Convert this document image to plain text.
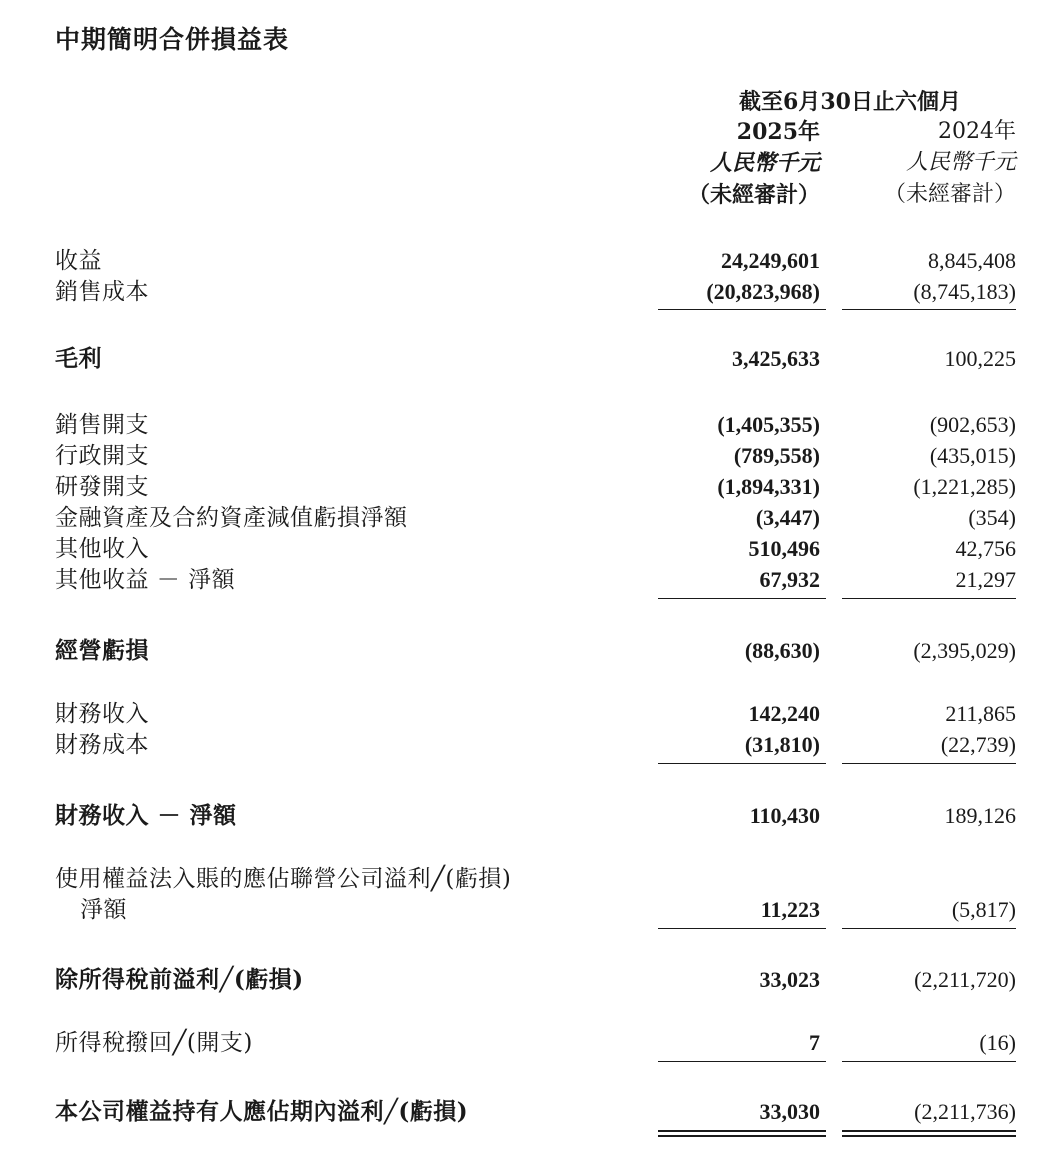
中期簡明合併損益表
截至6月30日止六個月
2025年	2024年
人民幣千元	人民幣千元
（未經審計）	（未經審計）
收益	24,249,601	8,845,408
銷售成本	(20,823,968)	(8,745,183)
毛利	3,425,633	100,225
銷售開支	(1,405,355)	(902,653)
行政開支	(789,558)	(435,015)
研發開支	(1,894,331)	(1,221,285)
金融資產及合約資產減值虧損淨額	(3,447)	(354)
其他收入	510,496	42,756
其他收益 － 淨額	67,932	21,297
經營虧損	(88,630)	(2,395,029)
財務收入	142,240	211,865
財務成本	(31,810)	(22,739)
財務收入 － 淨額	110,430	189,126
使用權益法入賬的應佔聯營公司溢利╱(虧損)
淨額	11,223	(5,817)
除所得稅前溢利╱(虧損)	33,023	(2,211,720)
所得稅撥回╱(開支)	7	(16)
本公司權益持有人應佔期內溢利╱(虧損)	33,030	(2,211,736)
